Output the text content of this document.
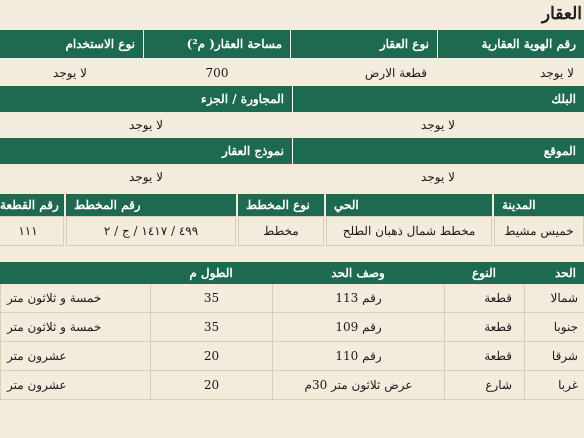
العقار
رقم الهوية العقارية
نوع العقار
مساحة العقار( م²)
نوع الاستخدام
لا يوجد
قطعة الارض
700
لا يوجد
البلك
المجاورة / الجزء
لا يوجد
لا يوجد
الموقع
نموذج العقار
لا يوجد
لا يوجد
المدينة
الحي
نوع المخطط
رقم المخطط
رقم القطعة
خميس مشيط
مخطط شمال ذهبان الطلح
مخطط
٤٩٩ / ١٤١٧ / ج / ٢
١١١
الحد
النوع
وصف الحد
الطول م
شمالا
قطعة
رقم 113
35
خمسة و ثلاثون متر
جنوبا
قطعة
رقم 109
35
خمسة و ثلاثون متر
شرقا
قطعة
رقم 110
20
عشرون متر
غربا
شارع
عرض ثلاثون متر 30م
20
عشرون متر
